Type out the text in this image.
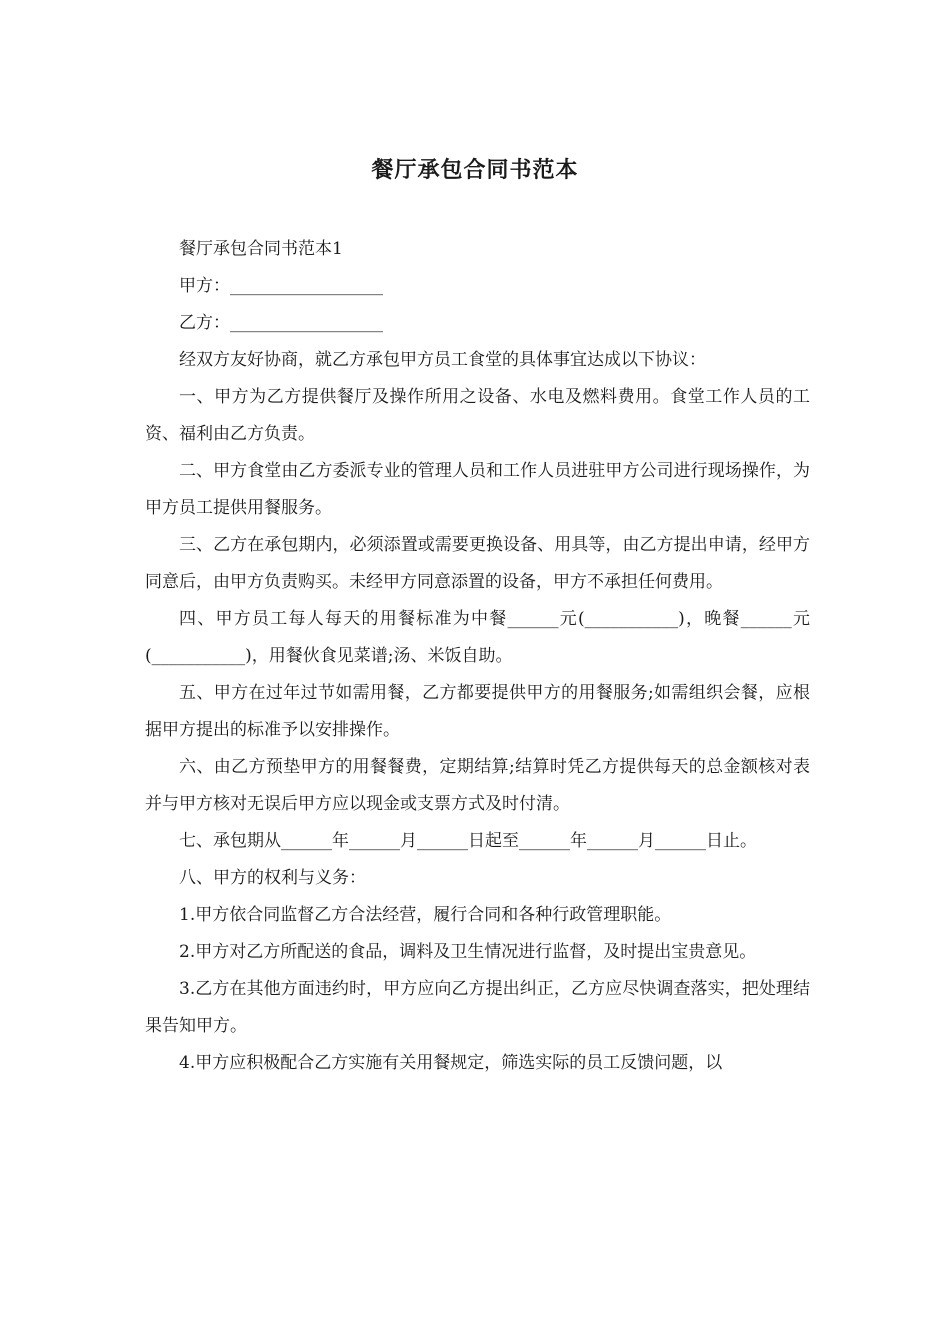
餐厅承包合同书范本

餐厅承包合同书范本1

甲方：__________________

乙方：__________________

经双方友好协商，就乙方承包甲方员工食堂的具体事宜达成以下协议：

一、甲方为乙方提供餐厅及操作所用之设备、水电及燃料费用。食堂工作人员的工资、福利由乙方负责。

二、甲方食堂由乙方委派专业的管理人员和工作人员进驻甲方公司进行现场操作，为甲方员工提供用餐服务。

三、乙方在承包期内，必须添置或需要更换设备、用具等，由乙方提出申请，经甲方同意后，由甲方负责购买。未经甲方同意添置的设备，甲方不承担任何费用。

四、甲方员工每人每天的用餐标准为中餐______元(___________)，晚餐______元(___________)，用餐伙食见菜谱;汤、米饭自助。

五、甲方在过年过节如需用餐，乙方都要提供甲方的用餐服务;如需组织会餐，应根据甲方提出的标准予以安排操作。

六、由乙方预垫甲方的用餐餐费，定期结算;结算时凭乙方提供每天的总金额核对表并与甲方核对无误后甲方应以现金或支票方式及时付清。

七、承包期从______年______月______日起至______年______月______日止。

八、甲方的权利与义务：

1.甲方依合同监督乙方合法经营，履行合同和各种行政管理职能。

2.甲方对乙方所配送的食品，调料及卫生情况进行监督，及时提出宝贵意见。

3.乙方在其他方面违约时，甲方应向乙方提出纠正，乙方应尽快调查落实，把处理结果告知甲方。

4.甲方应积极配合乙方实施有关用餐规定，筛选实际的员工反馈问题，以
